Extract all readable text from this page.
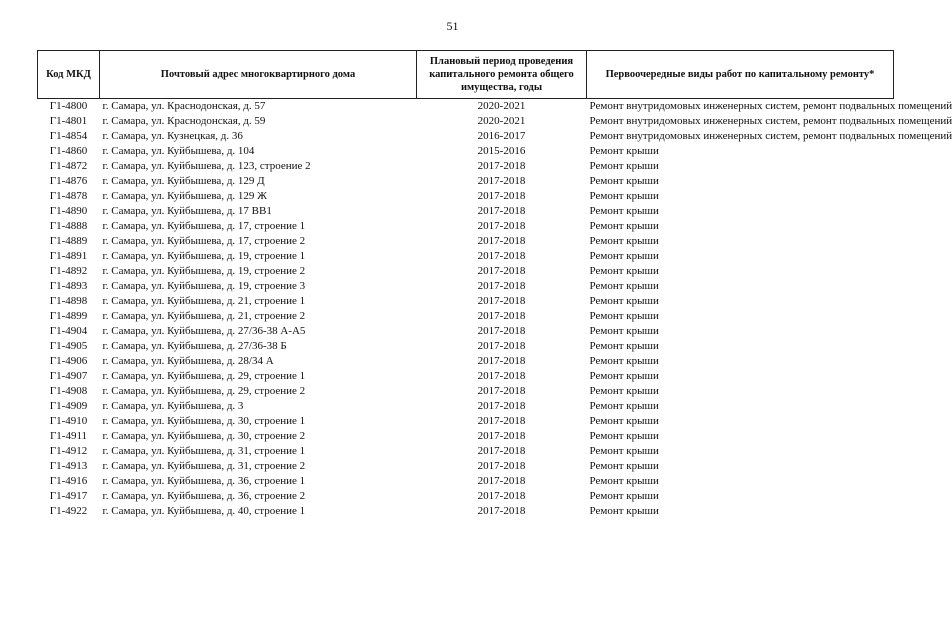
51
Код МКД	Почтовый адрес многоквартирного дома	Плановый период проведения капитального ремонта общего имущества, годы	Первоочередные виды работ по капитальному ремонту*
Г1-4800	г. Самара, ул. Краснодонская, д. 57	2020-2021	Ремонт внутридомовых инженерных систем, ремонт подвальных помещений
Г1-4801	г. Самара, ул. Краснодонская, д. 59	2020-2021	Ремонт внутридомовых инженерных систем, ремонт подвальных помещений
Г1-4854	г. Самара, ул. Кузнецкая, д. 36	2016-2017	Ремонт внутридомовых инженерных систем, ремонт подвальных помещений
Г1-4860	г. Самара, ул. Куйбышева, д. 104	2015-2016	Ремонт крыши
Г1-4872	г. Самара, ул. Куйбышева, д. 123, строение 2	2017-2018	Ремонт крыши
Г1-4876	г. Самара, ул. Куйбышева, д. 129 Д	2017-2018	Ремонт крыши
Г1-4878	г. Самара, ул. Куйбышева, д. 129 Ж	2017-2018	Ремонт крыши
Г1-4890	г. Самара, ул. Куйбышева, д. 17 ВВ1	2017-2018	Ремонт крыши
Г1-4888	г. Самара, ул. Куйбышева, д. 17, строение 1	2017-2018	Ремонт крыши
Г1-4889	г. Самара, ул. Куйбышева, д. 17, строение 2	2017-2018	Ремонт крыши
Г1-4891	г. Самара, ул. Куйбышева, д. 19, строение 1	2017-2018	Ремонт крыши
Г1-4892	г. Самара, ул. Куйбышева, д. 19, строение 2	2017-2018	Ремонт крыши
Г1-4893	г. Самара, ул. Куйбышева, д. 19, строение 3	2017-2018	Ремонт крыши
Г1-4898	г. Самара, ул. Куйбышева, д. 21, строение 1	2017-2018	Ремонт крыши
Г1-4899	г. Самара, ул. Куйбышева, д. 21, строение 2	2017-2018	Ремонт крыши
Г1-4904	г. Самара, ул. Куйбышева, д. 27/36-38 А-А5	2017-2018	Ремонт крыши
Г1-4905	г. Самара, ул. Куйбышева, д. 27/36-38 Б	2017-2018	Ремонт крыши
Г1-4906	г. Самара, ул. Куйбышева, д. 28/34 А	2017-2018	Ремонт крыши
Г1-4907	г. Самара, ул. Куйбышева, д. 29, строение 1	2017-2018	Ремонт крыши
Г1-4908	г. Самара, ул. Куйбышева, д. 29, строение 2	2017-2018	Ремонт крыши
Г1-4909	г. Самара, ул. Куйбышева, д. 3	2017-2018	Ремонт крыши
Г1-4910	г. Самара, ул. Куйбышева, д. 30, строение 1	2017-2018	Ремонт крыши
Г1-4911	г. Самара, ул. Куйбышева, д. 30, строение 2	2017-2018	Ремонт крыши
Г1-4912	г. Самара, ул. Куйбышева, д. 31, строение 1	2017-2018	Ремонт крыши
Г1-4913	г. Самара, ул. Куйбышева, д. 31, строение 2	2017-2018	Ремонт крыши
Г1-4916	г. Самара, ул. Куйбышева, д. 36, строение 1	2017-2018	Ремонт крыши
Г1-4917	г. Самара, ул. Куйбышева, д. 36, строение 2	2017-2018	Ремонт крыши
Г1-4922	г. Самара, ул. Куйбышева, д. 40, строение 1	2017-2018	Ремонт крыши
